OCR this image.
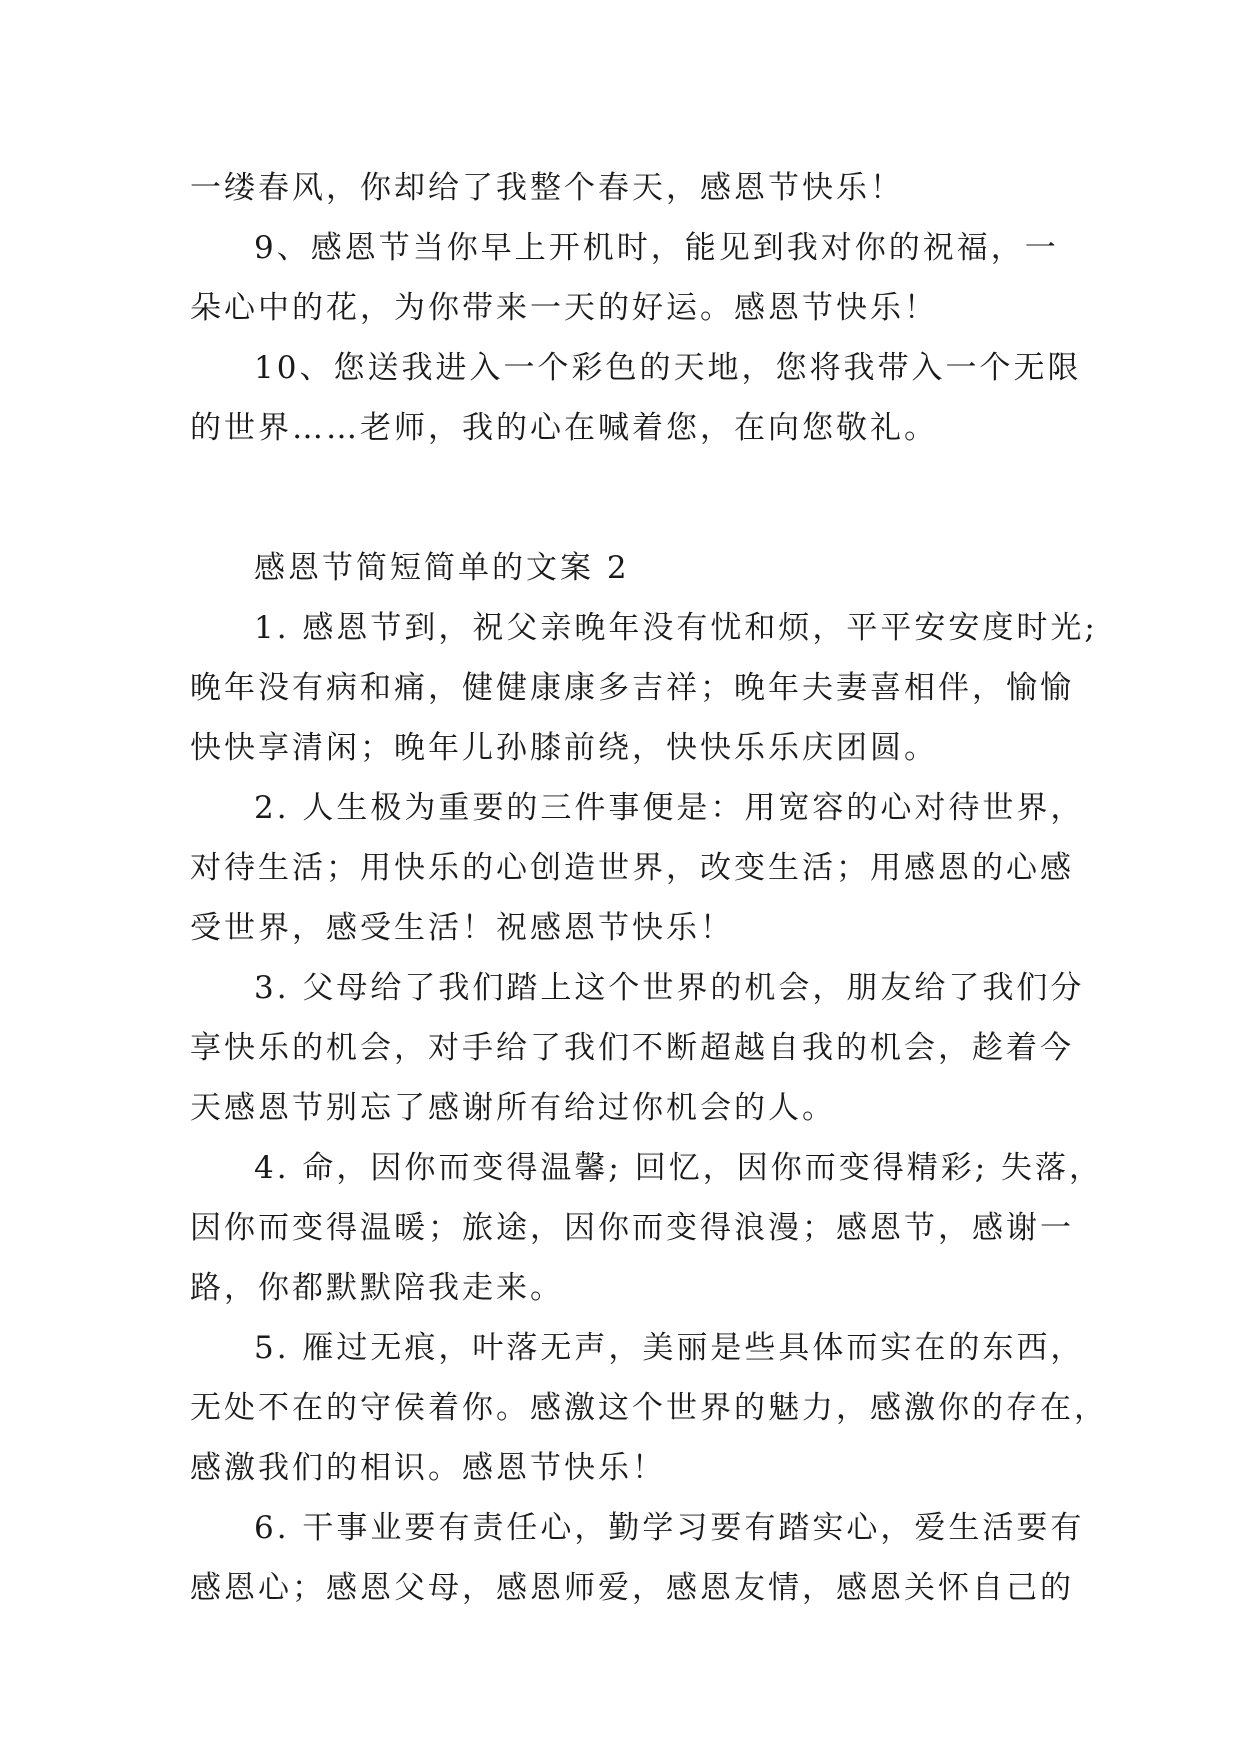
一缕春风，你却给了我整个春天，感恩节快乐！
9、感恩节当你早上开机时，能见到我对你的祝福，一
朵心中的花，为你带来一天的好运。感恩节快乐！
10、您送我进入一个彩色的天地，您将我带入一个无限
的世界……老师，我的心在喊着您，在向您敬礼。
感恩节简短简单的文案 2
1. 感恩节到，祝父亲晚年没有忧和烦，平平安安度时光;
晚年没有病和痛，健健康康多吉祥；晚年夫妻喜相伴，愉愉
快快享清闲；晚年儿孙膝前绕，快快乐乐庆团圆。
2. 人生极为重要的三件事便是：用宽容的心对待世界，
对待生活；用快乐的心创造世界，改变生活；用感恩的心感
受世界，感受生活！祝感恩节快乐！
3. 父母给了我们踏上这个世界的机会，朋友给了我们分
享快乐的机会，对手给了我们不断超越自我的机会，趁着今
天感恩节别忘了感谢所有给过你机会的人。
4. 命，因你而变得温馨; 回忆，因你而变得精彩; 失落，
因你而变得温暖；旅途，因你而变得浪漫；感恩节，感谢一
路，你都默默陪我走来。
5. 雁过无痕，叶落无声，美丽是些具体而实在的东西，
无处不在的守侯着你。感激这个世界的魅力，感激你的存在，
感激我们的相识。感恩节快乐！
6. 干事业要有责任心，勤学习要有踏实心，爱生活要有
感恩心；感恩父母，感恩师爱，感恩友情，感恩关怀自己的
